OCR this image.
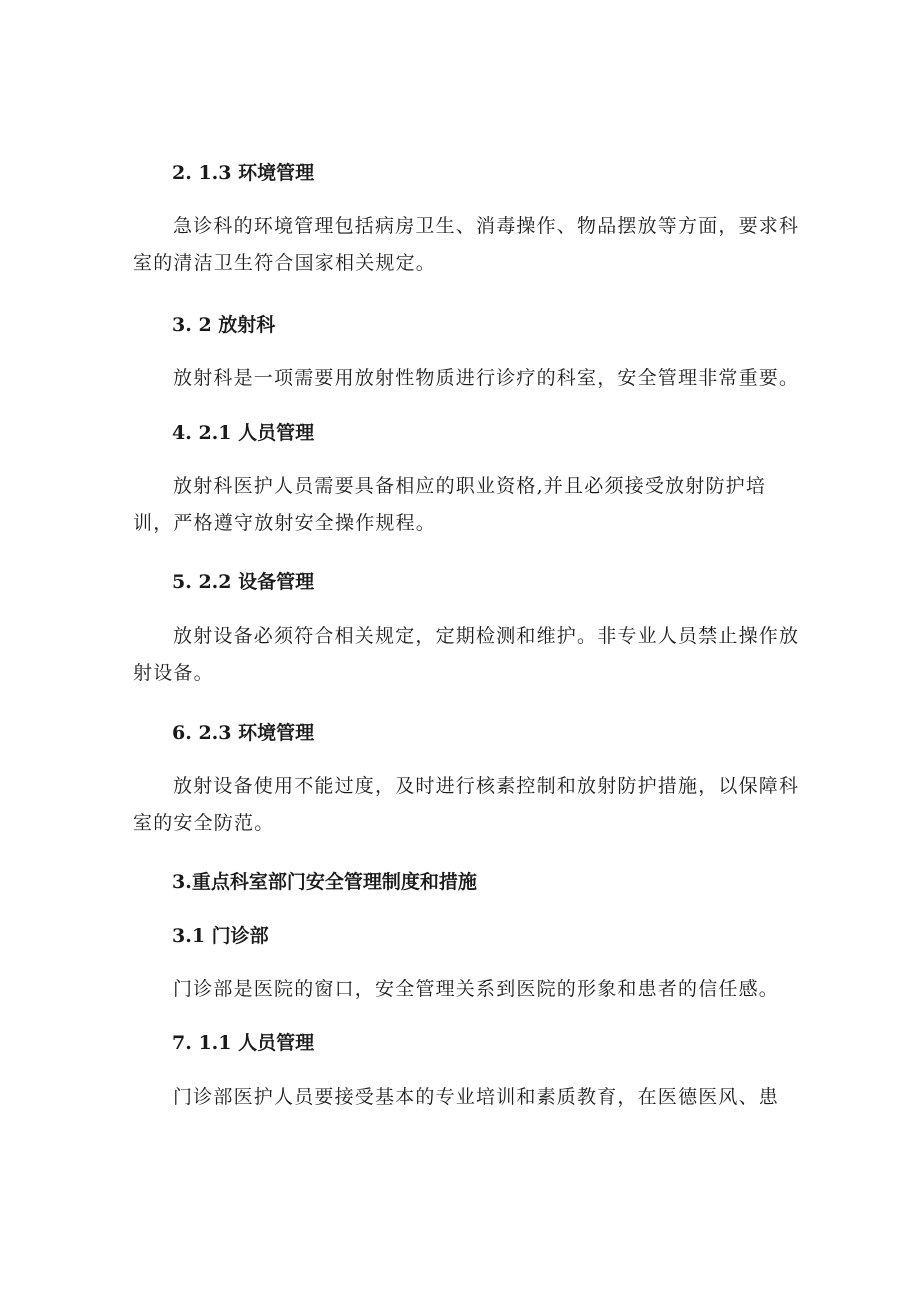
2. 1.3 环境管理
急诊科的环境管理包括病房卫生、消毒操作、物品摆放等方面，要求科室的清洁卫生符合国家相关规定。
3. 2 放射科
放射科是一项需要用放射性物质进行诊疗的科室，安全管理非常重要。
4. 2.1 人员管理
放射科医护人员需要具备相应的职业资格,并且必须接受放射防护培训，严格遵守放射安全操作规程。
5. 2.2 设备管理
放射设备必须符合相关规定，定期检测和维护。非专业人员禁止操作放射设备。
6. 2.3 环境管理
放射设备使用不能过度，及时进行核素控制和放射防护措施，以保障科室的安全防范。
3.重点科室部门安全管理制度和措施
3.1 门诊部
门诊部是医院的窗口，安全管理关系到医院的形象和患者的信任感。
7. 1.1 人员管理
门诊部医护人员要接受基本的专业培训和素质教育，在医德医风、患
